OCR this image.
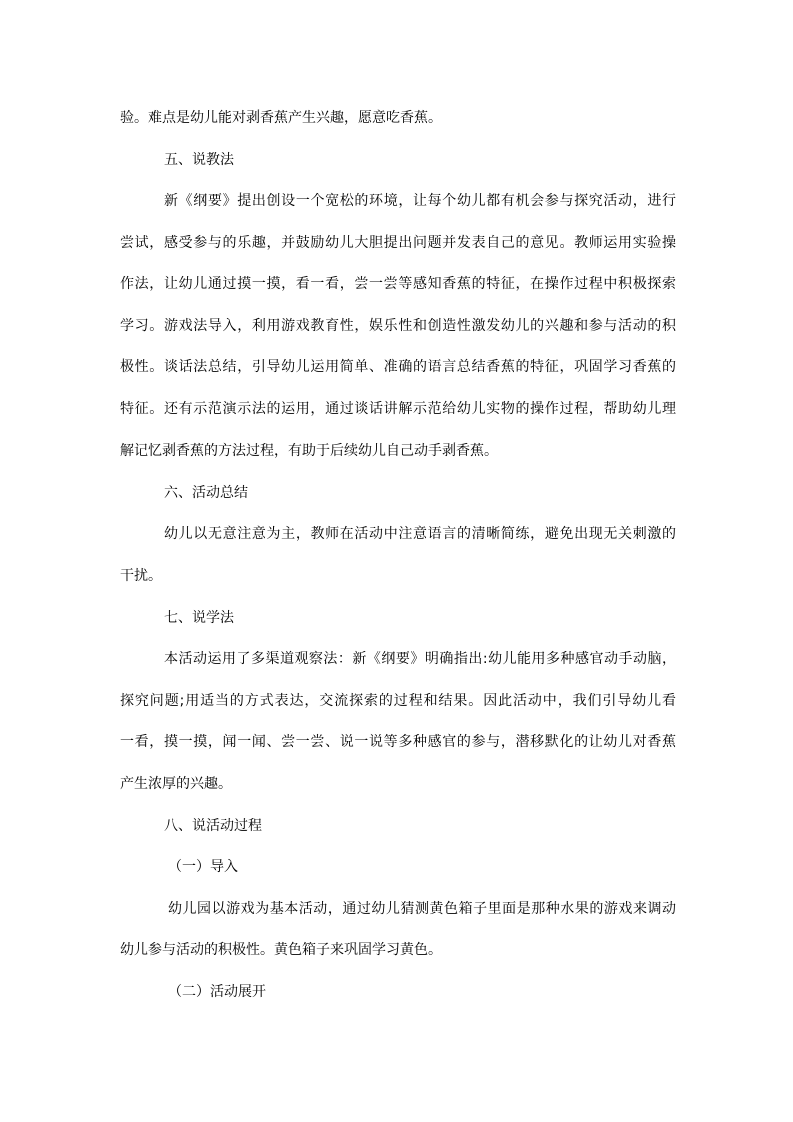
验。难点是幼儿能对剥香蕉产生兴趣，愿意吃香蕉。
五、说教法
新《纲要》提出创设一个宽松的环境，让每个幼儿都有机会参与探究活动，进行
尝试，感受参与的乐趣，并鼓励幼儿大胆提出问题并发表自己的意见。教师运用实验操
作法，让幼儿通过摸一摸，看一看，尝一尝等感知香蕉的特征，在操作过程中积极探索
学习。游戏法导入，利用游戏教育性，娱乐性和创造性激发幼儿的兴趣和参与活动的积
极性。谈话法总结，引导幼儿运用简单、准确的语言总结香蕉的特征，巩固学习香蕉的
特征。还有示范演示法的运用，通过谈话讲解示范给幼儿实物的操作过程，帮助幼儿理
解记忆剥香蕉的方法过程，有助于后续幼儿自己动手剥香蕉。
六、活动总结
幼儿以无意注意为主，教师在活动中注意语言的清晰简练，避免出现无关刺激的
干扰。
七、说学法
本活动运用了多渠道观察法：新《纲要》明确指出:幼儿能用多种感官动手动脑，
探究问题;用适当的方式表达，交流探索的过程和结果。因此活动中，我们引导幼儿看
一看，摸一摸，闻一闻、尝一尝、说一说等多种感官的参与，潜移默化的让幼儿对香蕉
产生浓厚的兴趣。
八、说活动过程
（一）导入
幼儿园以游戏为基本活动，通过幼儿猜测黄色箱子里面是那种水果的游戏来调动
幼儿参与活动的积极性。黄色箱子来巩固学习黄色。
（二）活动展开
